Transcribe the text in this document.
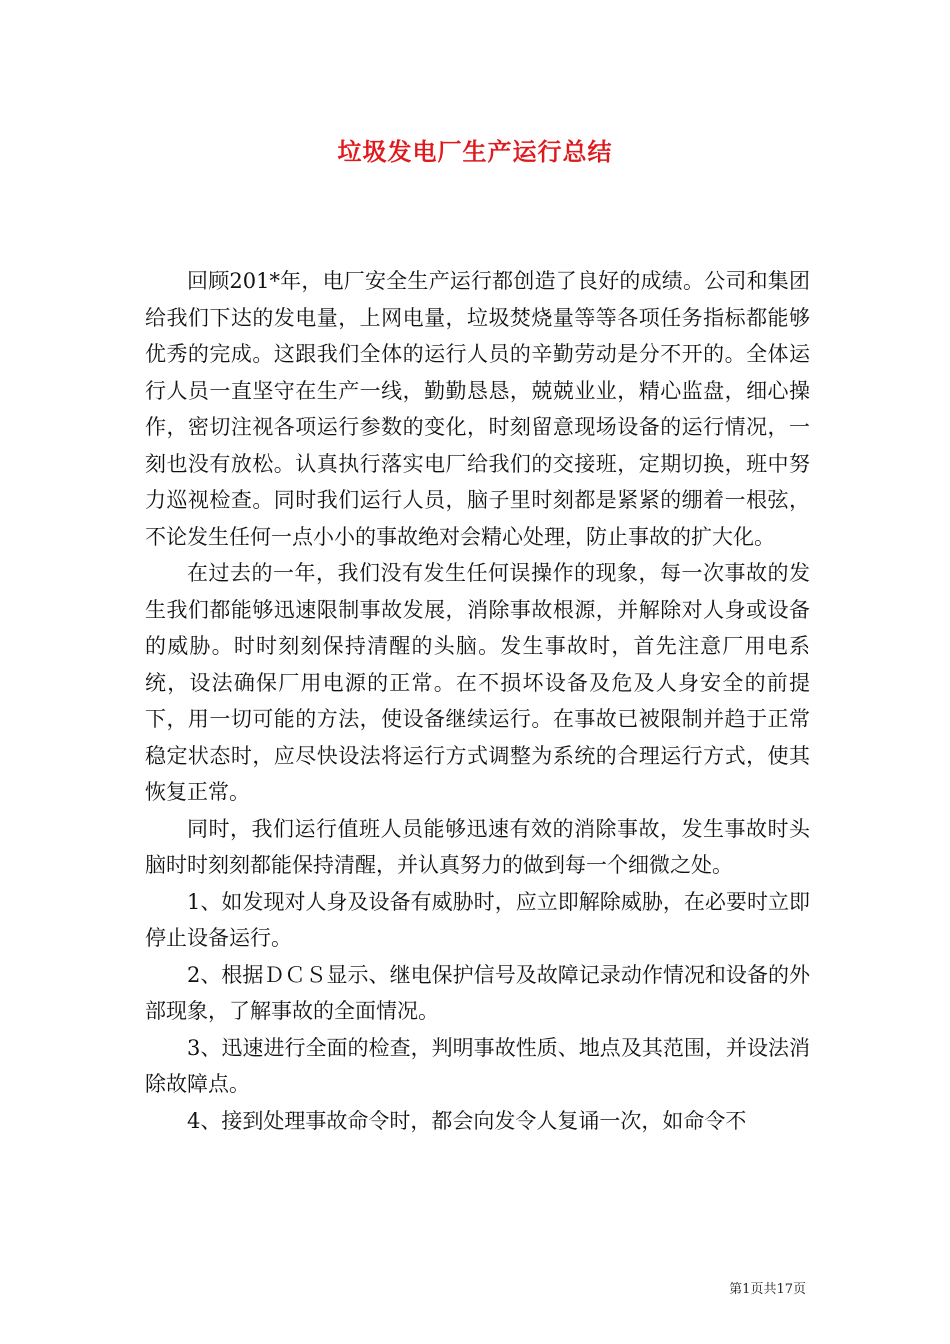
垃圾发电厂生产运行总结

回顾201*年，电厂安全生产运行都创造了良好的成绩。公司和集团给我们下达的发电量，上网电量，垃圾焚烧量等等各项任务指标都能够优秀的完成。这跟我们全体的运行人员的辛勤劳动是分不开的。全体运行人员一直坚守在生产一线，勤勤恳恳，兢兢业业，精心监盘，细心操作，密切注视各项运行参数的变化，时刻留意现场设备的运行情况，一刻也没有放松。认真执行落实电厂给我们的交接班，定期切换，班中努力巡视检查。同时我们运行人员，脑子里时刻都是紧紧的绷着一根弦，不论发生任何一点小小的事故绝对会精心处理，防止事故的扩大化。

在过去的一年，我们没有发生任何误操作的现象，每一次事故的发生我们都能够迅速限制事故发展，消除事故根源，并解除对人身或设备的威胁。时时刻刻保持清醒的头脑。发生事故时，首先注意厂用电系统，设法确保厂用电源的正常。在不损坏设备及危及人身安全的前提下，用一切可能的方法，使设备继续运行。在事故已被限制并趋于正常稳定状态时，应尽快设法将运行方式调整为系统的合理运行方式，使其恢复正常。

同时，我们运行值班人员能够迅速有效的消除事故，发生事故时头脑时时刻刻都能保持清醒，并认真努力的做到每一个细微之处。

1、如发现对人身及设备有威胁时，应立即解除威胁，在必要时立即停止设备运行。

2、根据ＤＣＳ显示、继电保护信号及故障记录动作情况和设备的外部现象，了解事故的全面情况。

3、迅速进行全面的检查，判明事故性质、地点及其范围，并设法消除故障点。

4、接到处理事故命令时，都会向发令人复诵一次，如命令不

第1页共17页
